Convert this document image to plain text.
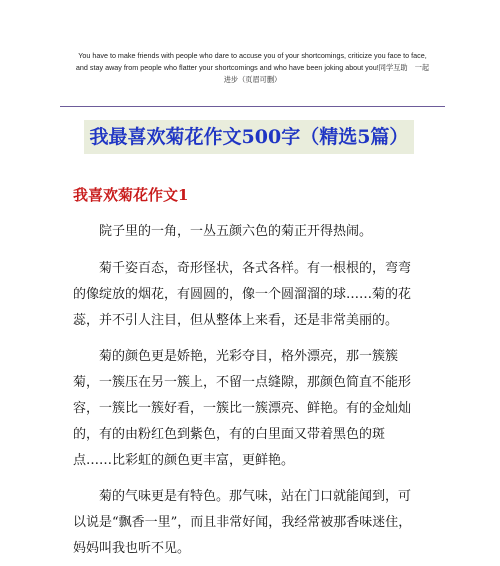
You have to make friends with people who dare to accuse you of your shortcomings, criticize you face to face,

and stay away from people who flatter your shortcomings and who have been joking about you!同学互助　一起

进步（页眉可删）

我最喜欢菊花作文500字（精选5篇）
我喜欢菊花作文1

院子里的一角，一丛五颜六色的菊正开得热闹。

菊千姿百态，奇形怪状，各式各样。有一根根的，弯弯的像绽放的烟花，有圆圆的，像一个圆溜溜的球……菊的花蕊，并不引人注目，但从整体上来看，还是非常美丽的。

菊的颜色更是娇艳，光彩夺目，格外漂亮，那一簇簇菊，一簇压在另一簇上，不留一点缝隙，那颜色简直不能形容，一簇比一簇好看，一簇比一簇漂亮、鲜艳。有的金灿灿的，有的由粉红色到紫色，有的白里面又带着黑色的斑点……比彩虹的颜色更丰富，更鲜艳。

菊的气味更是有特色。那气味，站在门口就能闻到，可以说是“飘香一里”，而且非常好闻，我经常被那香味迷住，妈妈叫我也听不见。
